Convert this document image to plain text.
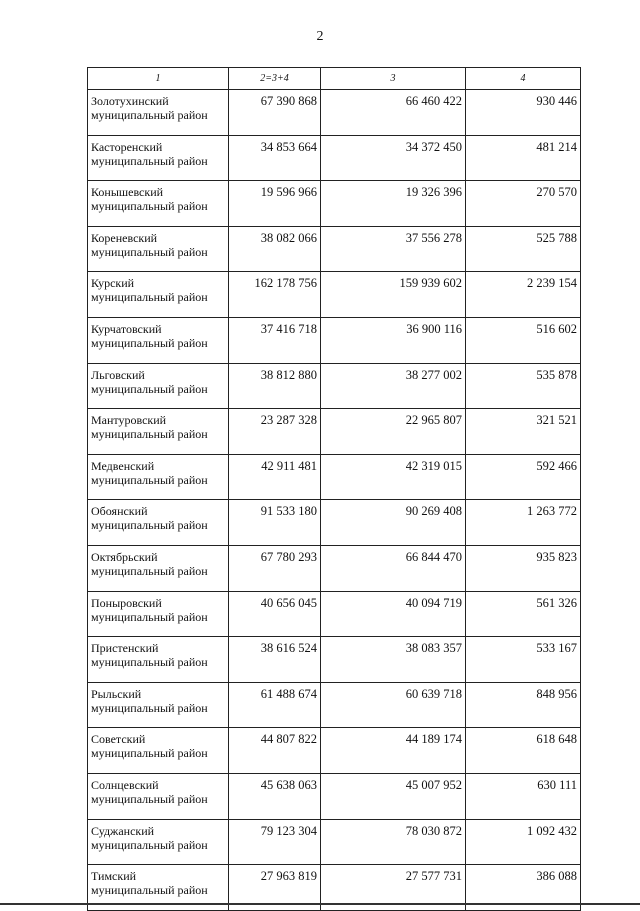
2
1	2=3+4	3	4

Золотухинский
муниципальный район	67 390 868	66 460 422	930 446

Касторенский
муниципальный район	34 853 664	34 372 450	481 214

Конышевский
муниципальный район	19 596 966	19 326 396	270 570

Кореневский
муниципальный район	38 082 066	37 556 278	525 788

Курский
муниципальный район	162 178 756	159 939 602	2 239 154

Курчатовский
муниципальный район	37 416 718	36 900 116	516 602

Льговский
муниципальный район	38 812 880	38 277 002	535 878

Мантуровский
муниципальный район	23 287 328	22 965 807	321 521

Медвенский
муниципальный район	42 911 481	42 319 015	592 466

Обоянский
муниципальный район	91 533 180	90 269 408	1 263 772

Октябрьский
муниципальный район	67 780 293	66 844 470	935 823

Поныровский
муниципальный район	40 656 045	40 094 719	561 326

Пристенский
муниципальный район	38 616 524	38 083 357	533 167

Рыльский
муниципальный район	61 488 674	60 639 718	848 956

Советский
муниципальный район	44 807 822	44 189 174	618 648

Солнцевский
муниципальный район	45 638 063	45 007 952	630 111

Суджанский
муниципальный район	79 123 304	78 030 872	1 092 432

Тимский
муниципальный район	27 963 819	27 577 731	386 088
